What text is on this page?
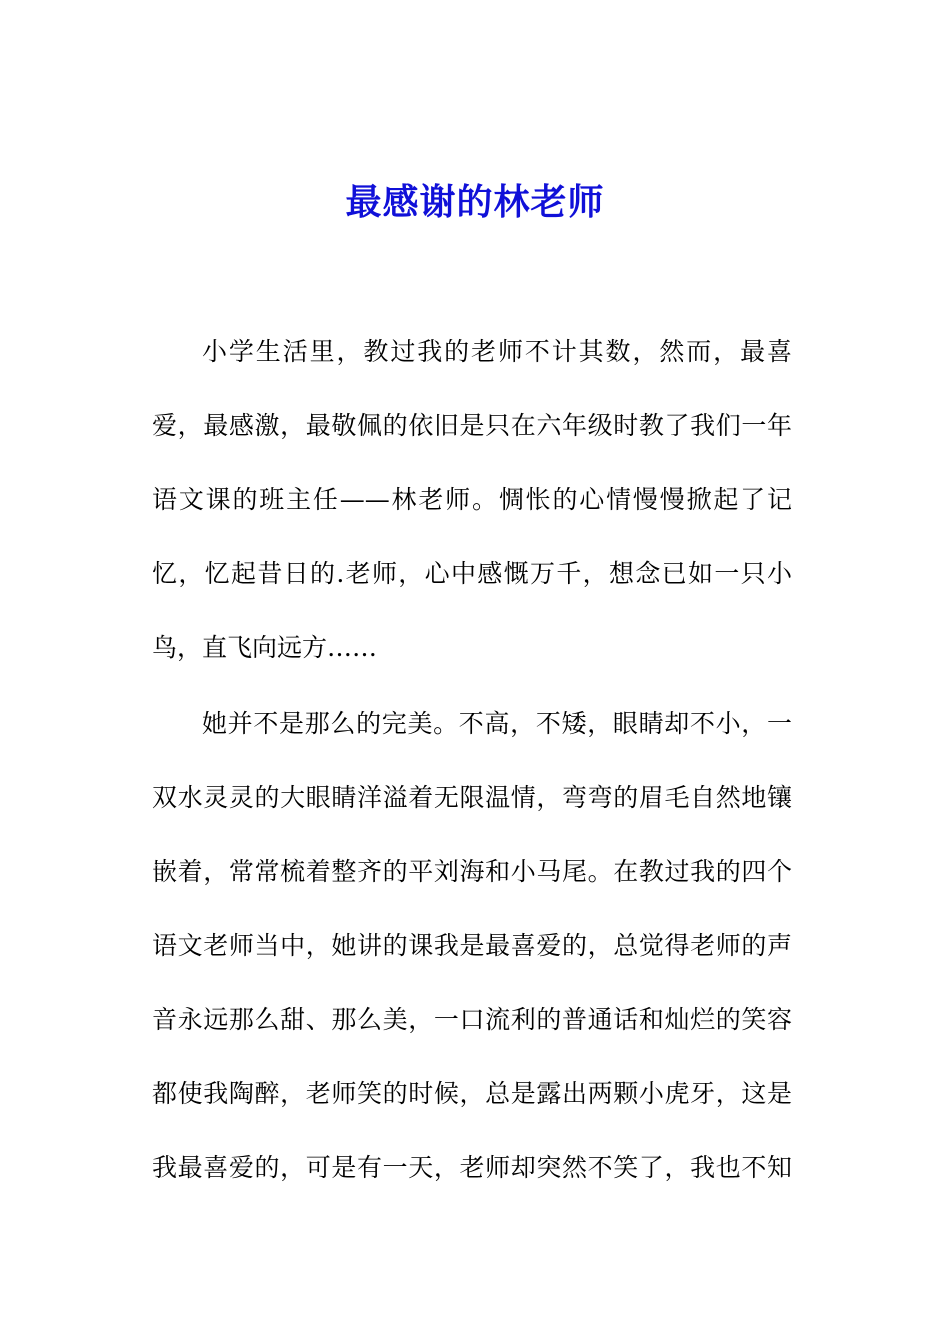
最感谢的林老师
小学生活里，教过我的老师不计其数，然而，最喜
爱，最感激，最敬佩的依旧是只在六年级时教了我们一年
语文课的班主任——林老师。惆怅的心情慢慢掀起了记
忆，忆起昔日的.老师，心中感慨万千，想念已如一只小
鸟，直飞向远方……
她并不是那么的完美。不高，不矮，眼睛却不小，一
双水灵灵的大眼睛洋溢着无限温情，弯弯的眉毛自然地镶
嵌着，常常梳着整齐的平刘海和小马尾。在教过我的四个
语文老师当中，她讲的课我是最喜爱的，总觉得老师的声
音永远那么甜、那么美，一口流利的普通话和灿烂的笑容
都使我陶醉，老师笑的时候，总是露出两颗小虎牙，这是
我最喜爱的，可是有一天，老师却突然不笑了，我也不知
